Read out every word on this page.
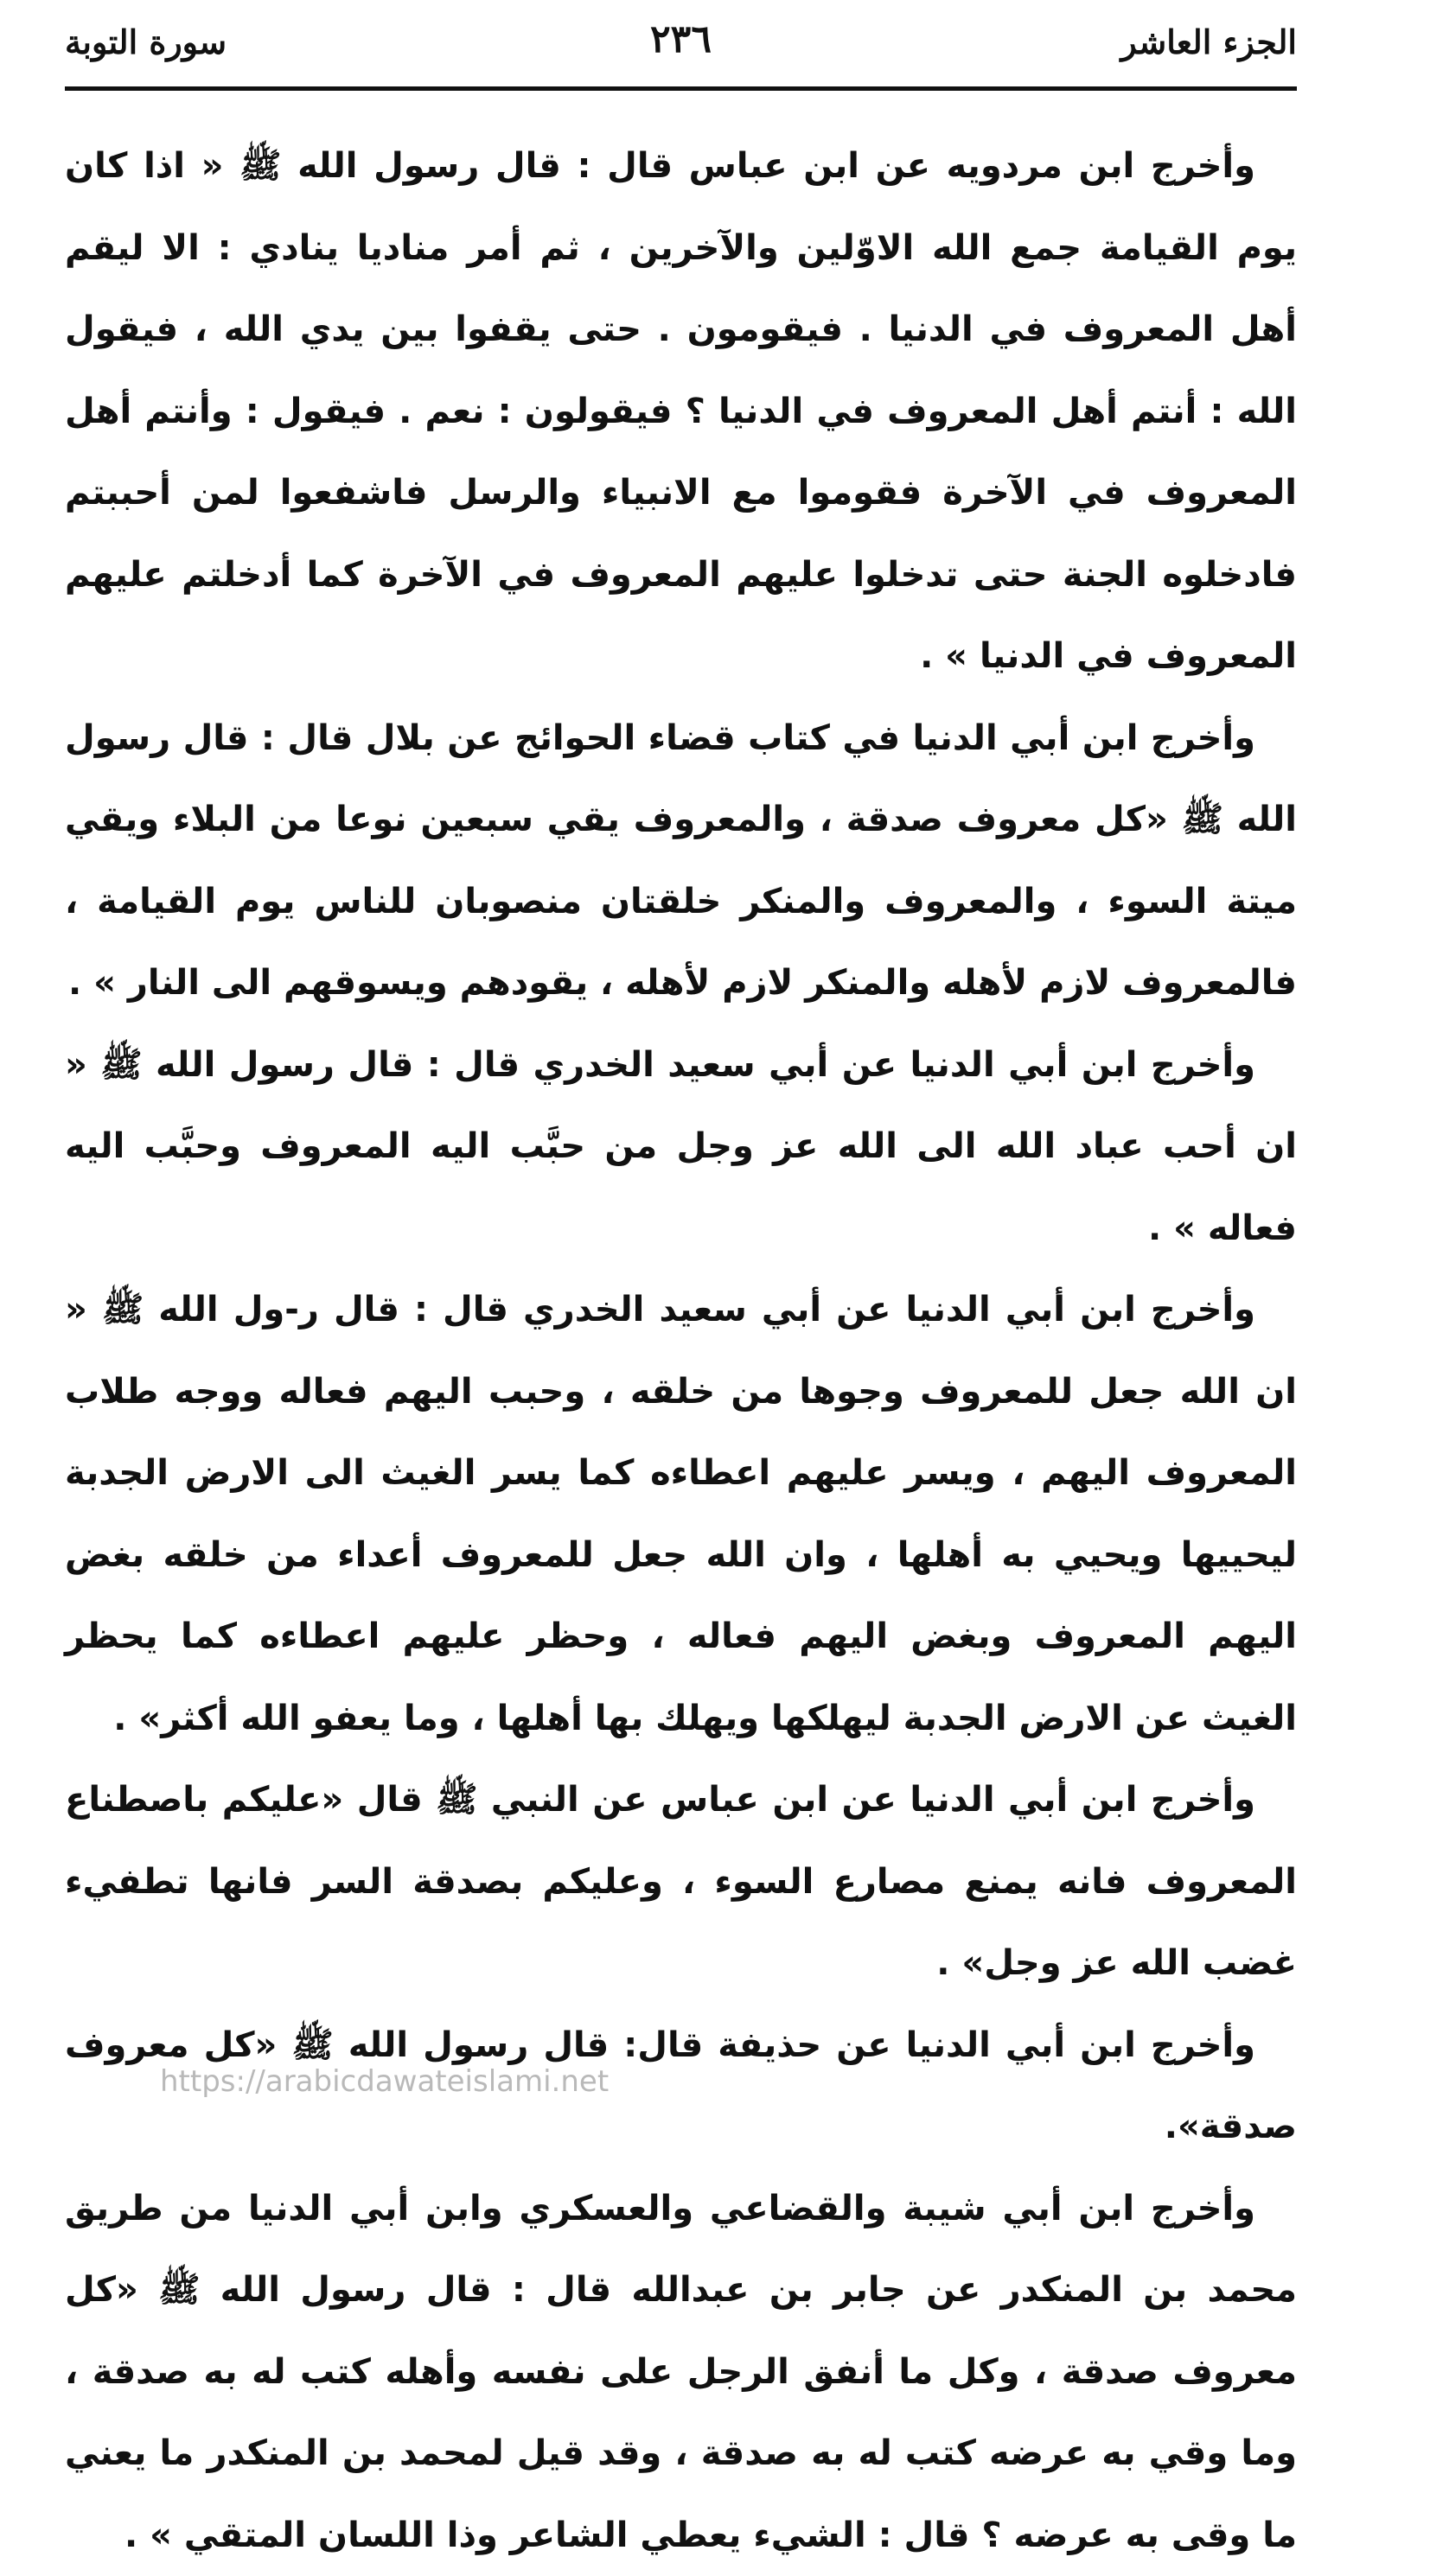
الجزء العاشر
٢٣٦
سورة التوبة

وأخرج ابن مردويه عن ابن عباس قال : قال رسول الله ﷺ « اذا كان يوم القيامة جمع الله الاوّلين والآخرين ، ثم أمر مناديا ينادي : الا ليقم أهل المعروف في الدنيا . فيقومون . حتى يقفوا بين يدي الله ، فيقول الله : أنتم أهل المعروف في الدنيا ؟ فيقولون : نعم . فيقول : وأنتم أهل المعروف في الآخرة فقوموا مع الانبياء والرسل فاشفعوا لمن أحببتم فادخلوه الجنة حتى تدخلوا عليهم المعروف في الآخرة كما أدخلتم عليهم المعروف في الدنيا » .

وأخرج ابن أبي الدنيا في كتاب قضاء الحوائج عن بلال قال : قال رسول الله ﷺ «كل معروف صدقة ، والمعروف يقي سبعين نوعا من البلاء ويقي ميتة السوء ، والمعروف والمنكر خلقتان منصوبان للناس يوم القيامة ، فالمعروف لازم لأهله والمنكر لازم لأهله ، يقودهم ويسوقهم الى النار » .

وأخرج ابن أبي الدنيا عن أبي سعيد الخدري قال : قال رسول الله ﷺ « ان أحب عباد الله الى الله عز وجل من حبَّب اليه المعروف وحبَّب اليه فعاله » .

وأخرج ابن أبي الدنيا عن أبي سعيد الخدري قال : قال ر-ول الله ﷺ « ان الله جعل للمعروف وجوها من خلقه ، وحبب اليهم فعاله ووجه طلاب المعروف اليهم ، ويسر عليهم اعطاءه كما يسر الغيث الى الارض الجدبة ليحييها ويحيي به أهلها ، وان الله جعل للمعروف أعداء من خلقه بغض اليهم المعروف وبغض اليهم فعاله ، وحظر عليهم اعطاءه كما يحظر الغيث عن الارض الجدبة ليهلكها ويهلك بها أهلها ، وما يعفو الله أكثر» .

وأخرج ابن أبي الدنيا عن ابن عباس عن النبي ﷺ قال «عليكم باصطناع المعروف فانه يمنع مصارع السوء ، وعليكم بصدقة السر فانها تطفيء غضب الله عز وجل» .

وأخرج ابن أبي الدنيا عن حذيفة قال: قال رسول الله ﷺ «كل معروف صدقة».

وأخرج ابن أبي شيبة والقضاعي والعسكري وابن أبي الدنيا من طريق محمد بن المنكدر عن جابر بن عبدالله قال : قال رسول الله ﷺ «كل معروف صدقة ، وكل ما أنفق الرجل على نفسه وأهله كتب له به صدقة ، وما وقي به عرضه كتب له به صدقة ، وقد قيل لمحمد بن المنكدر ما يعني ما وقى به عرضه ؟ قال : الشيء يعطي الشاعر وذا اللسان المتقي » .

https://arabicdawateislami.net
